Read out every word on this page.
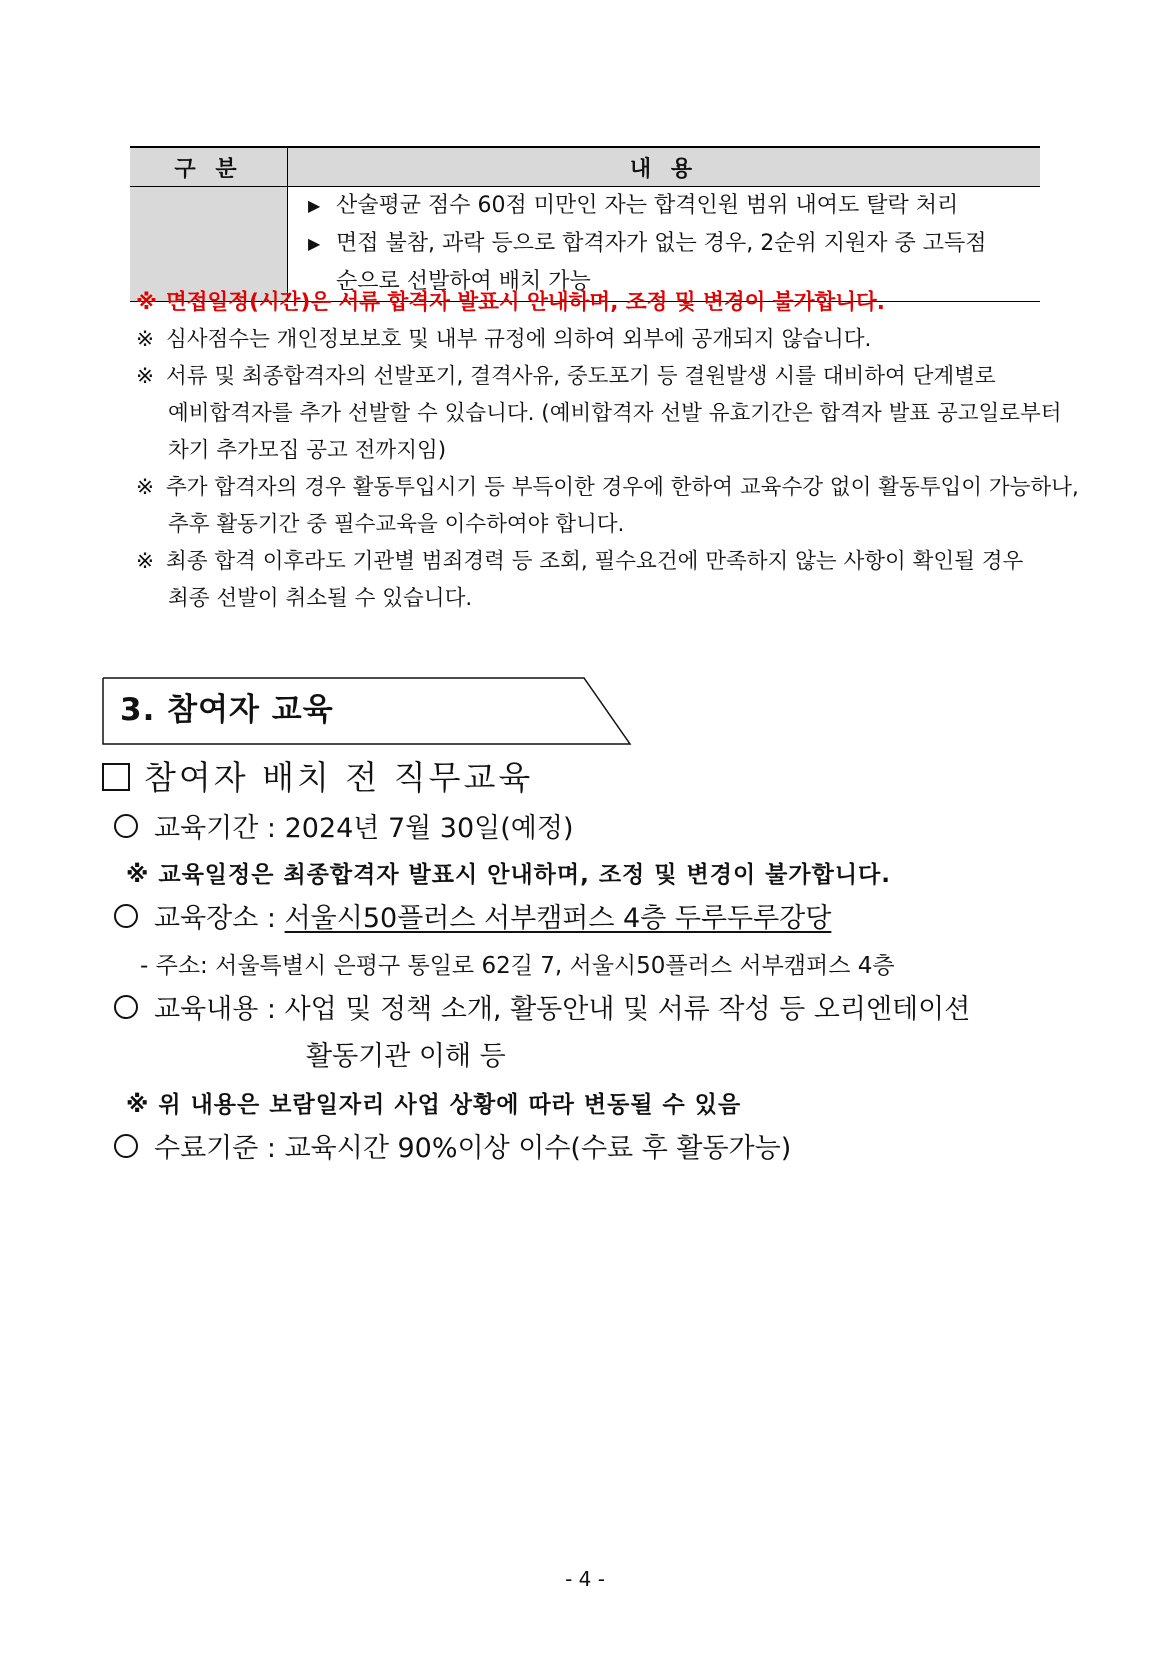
구 분	내 용

	▶ 산술평균 점수 60점 미만인 자는 합격인원 범위 내여도 탈락 처리
▶ 면접 불참, 과락 등으로 합격자가 없는 경우, 2순위 지원자 중 고득점
순으로 선발하여 배치 가능
※ 면접일정(시간)은 서류 합격자 발표시 안내하며, 조정 및 변경이 불가합니다.
※ 심사점수는 개인정보보호 및 내부 규정에 의하여 외부에 공개되지 않습니다.
※ 서류 및 최종합격자의 선발포기, 결격사유, 중도포기 등 결원발생 시를 대비하여 단계별로
예비합격자를 추가 선발할 수 있습니다. (예비합격자 선발 유효기간은 합격자 발표 공고일로부터
차기 추가모집 공고 전까지임)
※ 추가 합격자의 경우 활동투입시기 등 부득이한 경우에 한하여 교육수강 없이 활동투입이 가능하나,
추후 활동기간 중 필수교육을 이수하여야 합니다.
※ 최종 합격 이후라도 기관별 범죄경력 등 조회, 필수요건에 만족하지 않는 사항이 확인될 경우
최종 선발이 취소될 수 있습니다.
3. 참여자 교육
참여자 배치 전 직무교육
교육기간 : 2024년 7월 30일(예정)
※ 교육일정은 최종합격자 발표시 안내하며, 조정 및 변경이 불가합니다.
교육장소 : 서울시50플러스 서부캠퍼스 4층 두루두루강당
- 주소: 서울특별시 은평구 통일로 62길 7, 서울시50플러스 서부캠퍼스 4층
교육내용 : 사업 및 정책 소개, 활동안내 및 서류 작성 등 오리엔테이션
활동기관 이해 등
※ 위 내용은 보람일자리 사업 상황에 따라 변동될 수 있음
수료기준 : 교육시간 90%이상 이수(수료 후 활동가능)
- 4 -
